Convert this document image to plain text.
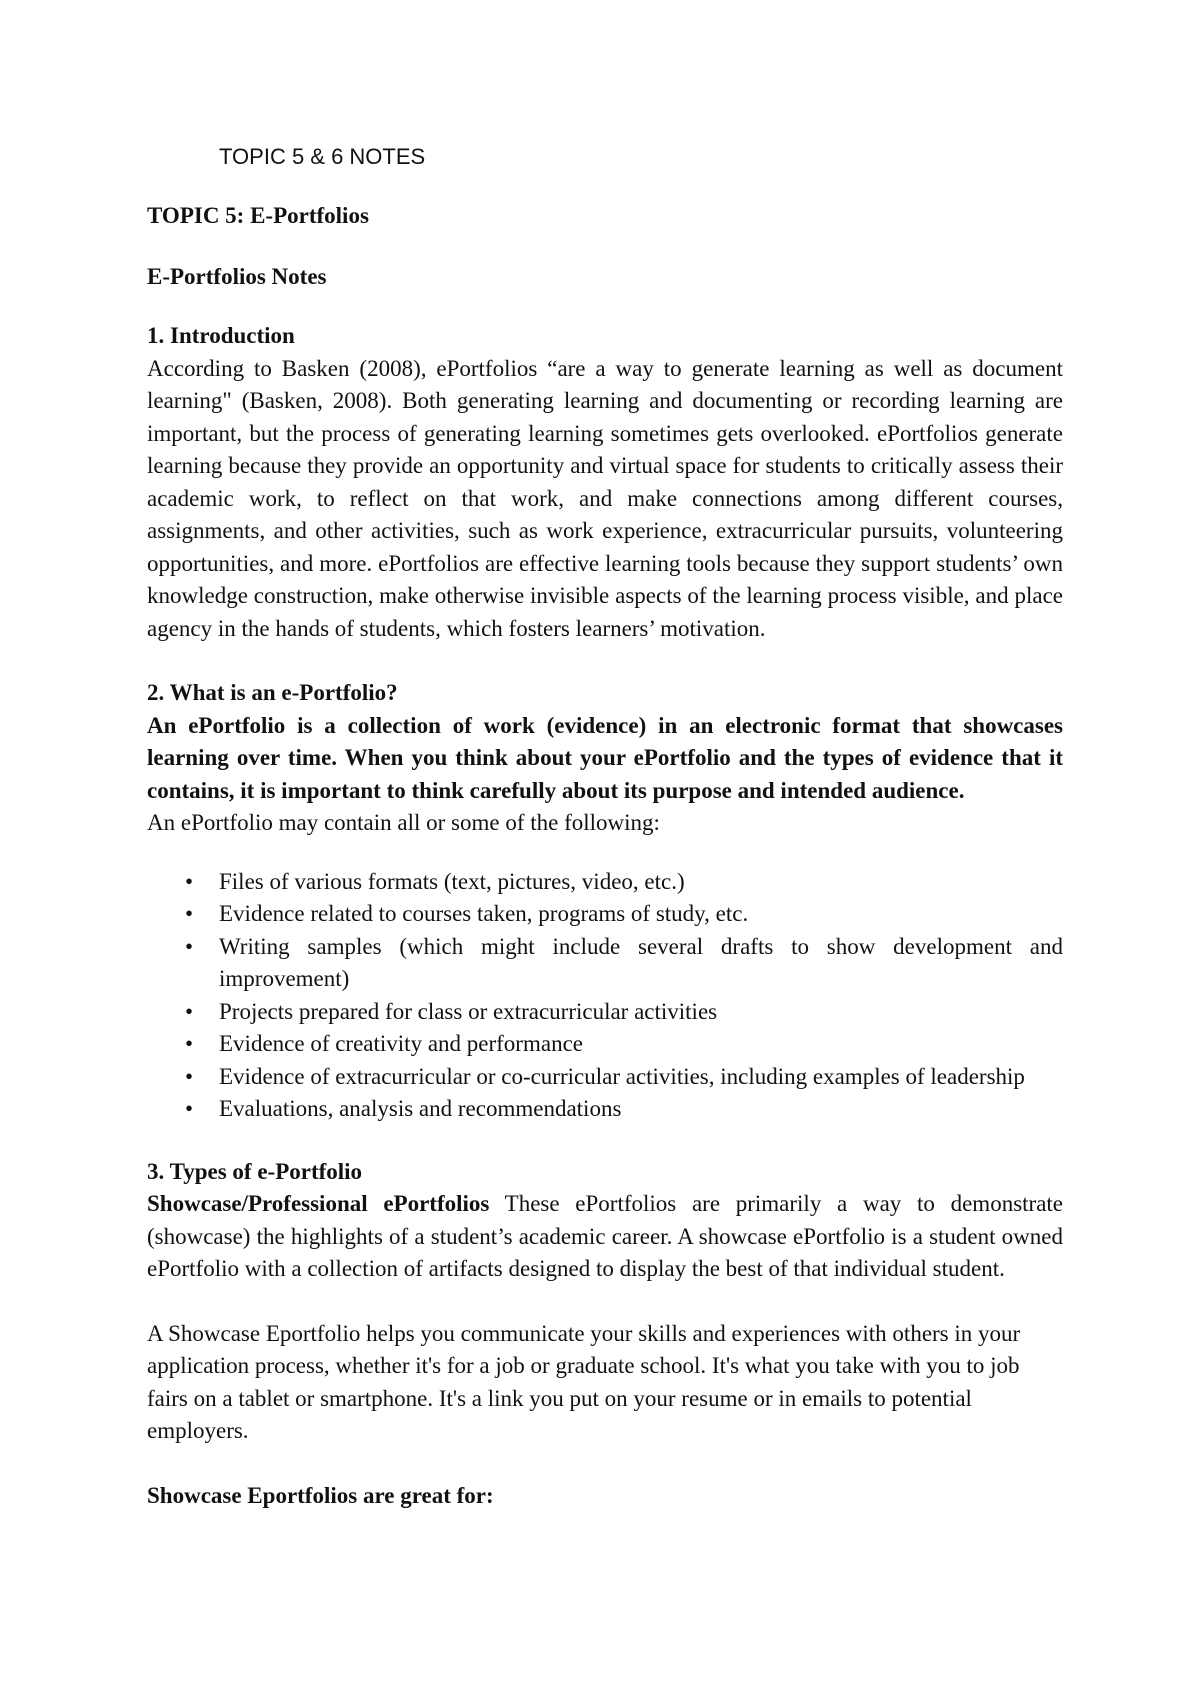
TOPIC 5 & 6 NOTES
TOPIC 5: E-Portfolios
E-Portfolios Notes
1. Introduction

According to Basken (2008), ePortfolios “are a way to generate learning as well as document learning" (Basken, 2008). Both generating learning and documenting or recording learning are important, but the process of generating learning sometimes gets overlooked. ePortfolios generate learning because they provide an opportunity and virtual space for students to critically assess their academic work, to reflect on that work, and make connections among different courses, assignments, and other activities, such as work experience, extracurricular pursuits, volunteering opportunities, and more. ePortfolios are effective learning tools because they support students’ own knowledge construction, make otherwise invisible aspects of the learning process visible, and place agency in the hands of students, which fosters learners’ motivation.

2. What is an e-Portfolio?

An ePortfolio is a collection of work (evidence) in an electronic format that showcases learning over time. When you think about your ePortfolio and the types of evidence that it contains, it is important to think carefully about its purpose and intended audience.

An ePortfolio may contain all or some of the following:

• Files of various formats (text, pictures, video, etc.)
• Evidence related to courses taken, programs of study, etc.
• Writing samples (which might include several drafts to show development and improvement)
• Projects prepared for class or extracurricular activities
• Evidence of creativity and performance
• Evidence of extracurricular or co-curricular activities, including examples of leadership
• Evaluations, analysis and recommendations
3. Types of e-Portfolio

Showcase/Professional ePortfolios These ePortfolios are primarily a way to demonstrate (showcase) the highlights of a student’s academic career. A showcase ePortfolio is a student owned ePortfolio with a collection of artifacts designed to display the best of that individual student.

A Showcase Eportfolio helps you communicate your skills and experiences with others in your application process, whether it's for a job or graduate school. It's what you take with you to job fairs on a tablet or smartphone. It's a link you put on your resume or in emails to potential employers.

Showcase Eportfolios are great for:
